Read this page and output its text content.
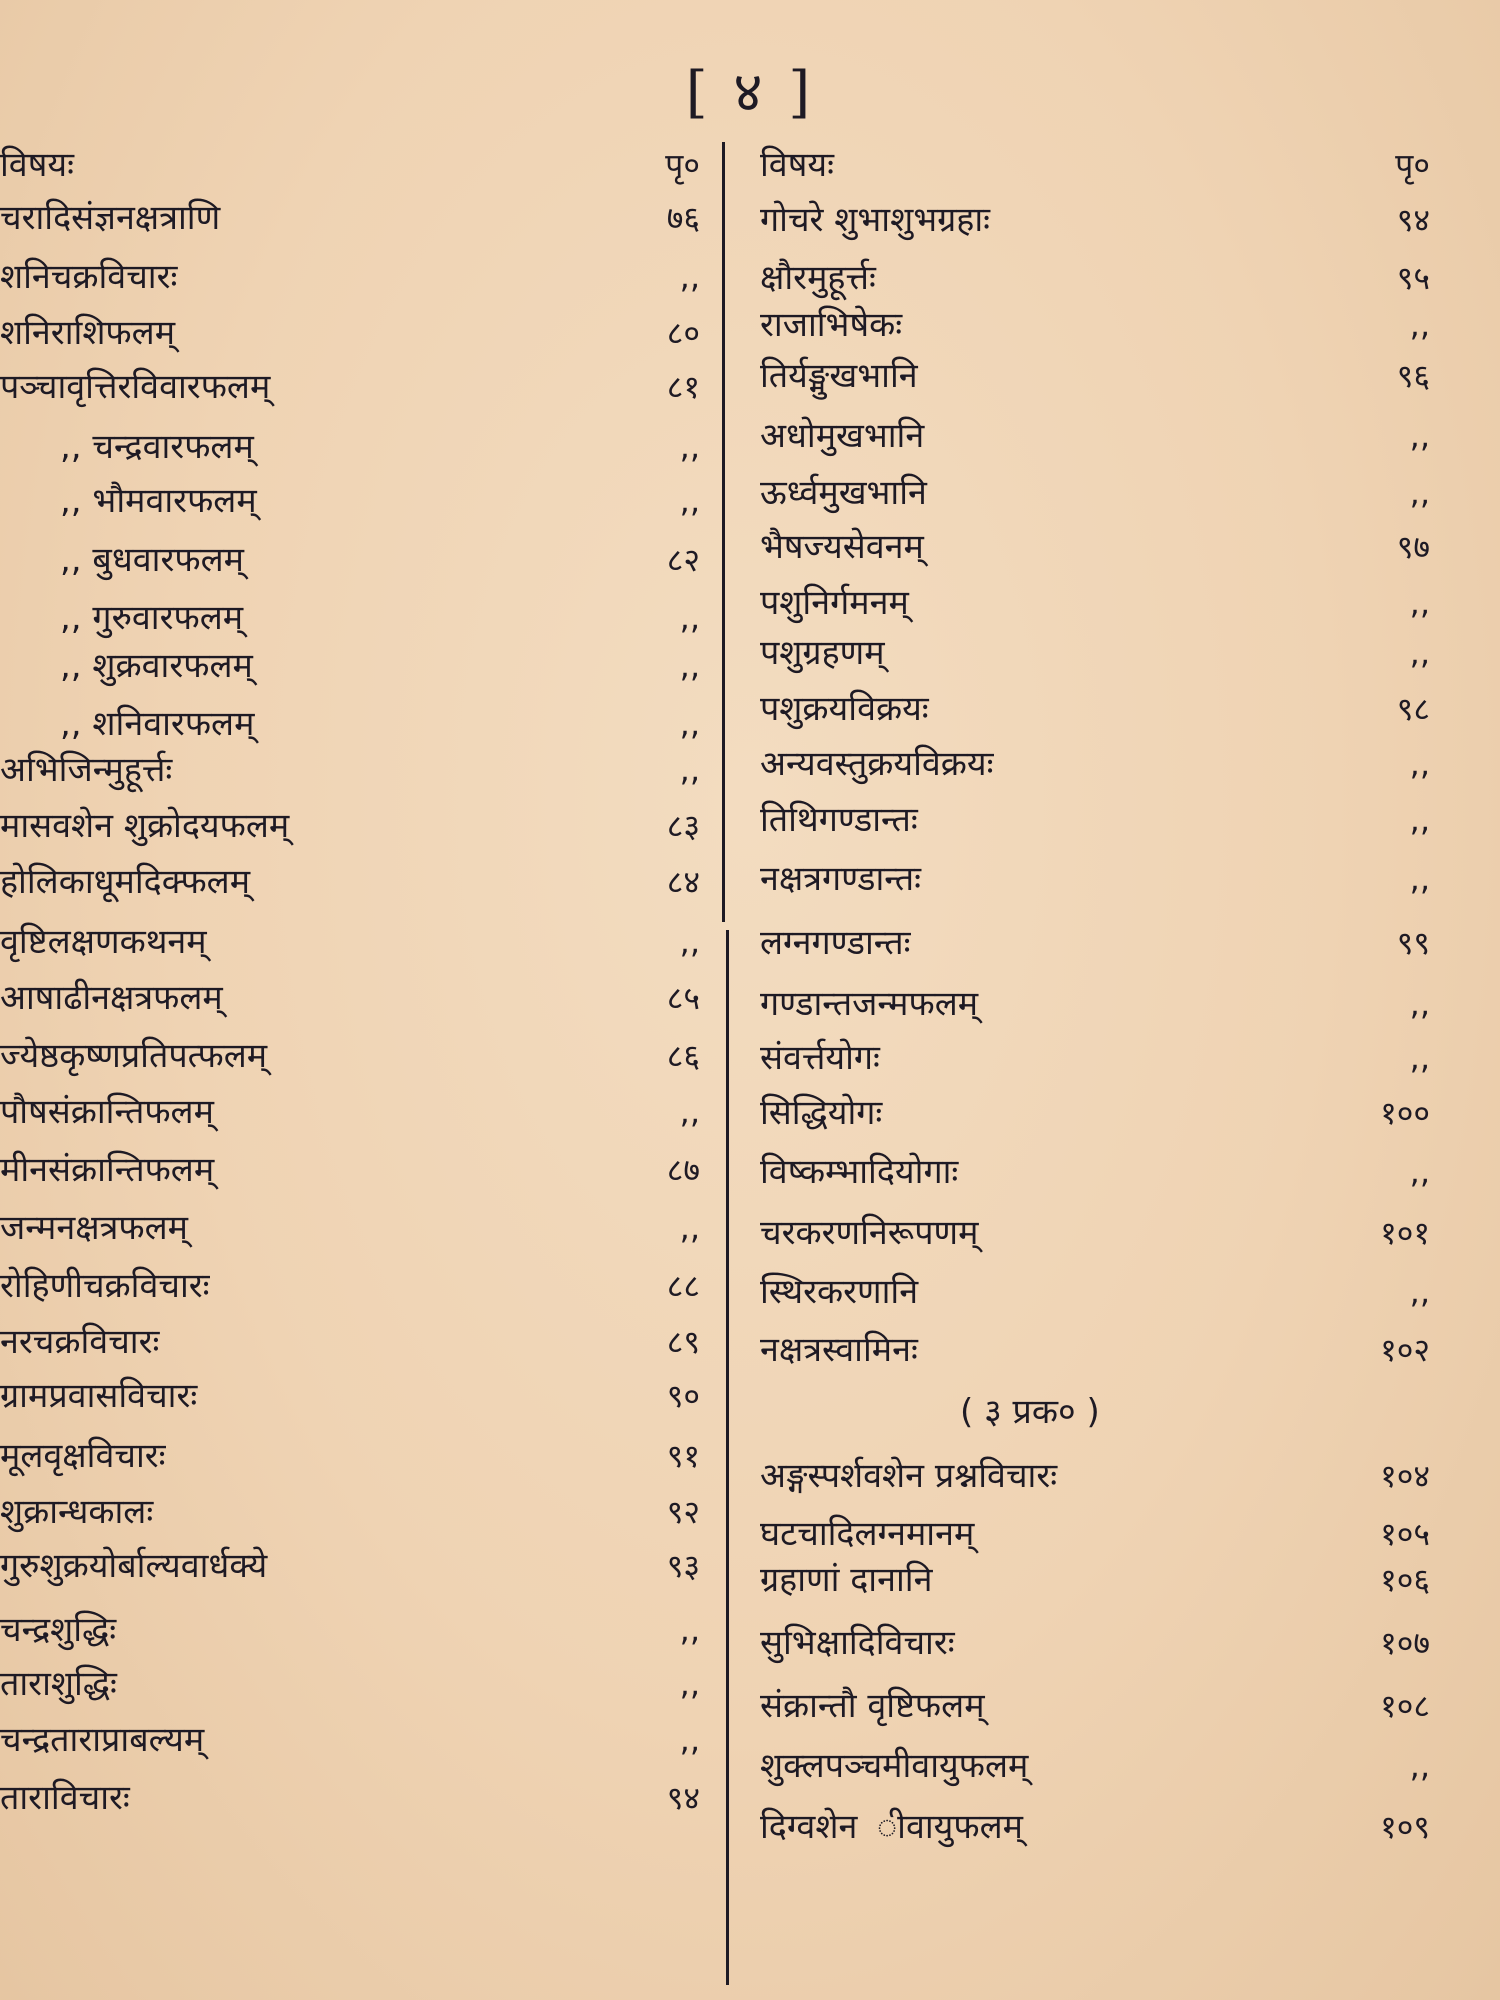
[ ४ ]
विषयः	पृ०
चरादिसंज्ञनक्षत्राणि	७६
शनिचक्रविचारः	,,
शनिराशिफलम्	८०
पञ्चावृत्तिरविवारफलम्	८१
,, चन्द्रवारफलम्	,,
,, भौमवारफलम्	,,
,, बुधवारफलम्	८२
,, गुरुवारफलम्	,,
,, शुक्रवारफलम्	,,
,, शनिवारफलम्	,,
अभिजिन्मुहूर्त्तः	,,
मासवशेन शुक्रोदयफलम्	८३
होलिकाधूमदिक्फलम्	८४
वृष्टिलक्षणकथनम्	,,
आषाढीनक्षत्रफलम्	८५
ज्येष्ठकृष्णप्रतिपत्फलम्	८६
पौषसंक्रान्तिफलम्	,,
मीनसंक्रान्तिफलम्	८७
जन्मनक्षत्रफलम्	,,
रोहिणीचक्रविचारः	८८
नरचक्रविचारः	८९
ग्रामप्रवासविचारः	९०
मूलवृक्षविचारः	९१
शुक्रान्धकालः	९२
गुरुशुक्रयोर्बाल्यवार्धक्ये	९३
चन्द्रशुद्धिः	,,
ताराशुद्धिः	,,
चन्द्रताराप्राबल्यम्	,,
ताराविचारः	९४
विषयः	पृ०
गोचरे शुभाशुभग्रहाः	९४
क्षौरमुहूर्त्तः	९५
राजाभिषेकः	,,
तिर्यङ्मुखभानि	९६
अधोमुखभानि	,,
ऊर्ध्वमुखभानि	,,
भैषज्यसेवनम्	९७
पशुनिर्गमनम्	,,
पशुग्रहणम्	,,
पशुक्रयविक्रयः	९८
अन्यवस्तुक्रयविक्रयः	,,
तिथिगण्डान्तः	,,
नक्षत्रगण्डान्तः	,,
लग्नगण्डान्तः	९९
गण्डान्तजन्मफलम्	,,
संवर्त्तयोगः	,,
सिद्धियोगः	१००
विष्कम्भादियोगाः	,,
चरकरणनिरूपणम्	१०१
स्थिरकरणानि	,,
नक्षत्रस्वामिनः	१०२
अङ्गस्पर्शवशेन प्रश्नविचारः	१०४
घटचादिलग्नमानम्	१०५
ग्रहाणां दानानि	१०६
सुभिक्षादिविचारः	१०७
संक्रान्तौ वृष्टिफलम्	१०८
शुक्लपञ्चमीवायुफलम्	,,
दिग्वशेन ‌‌ ीवायुफलम्	१०९
( ३ प्रक० )
